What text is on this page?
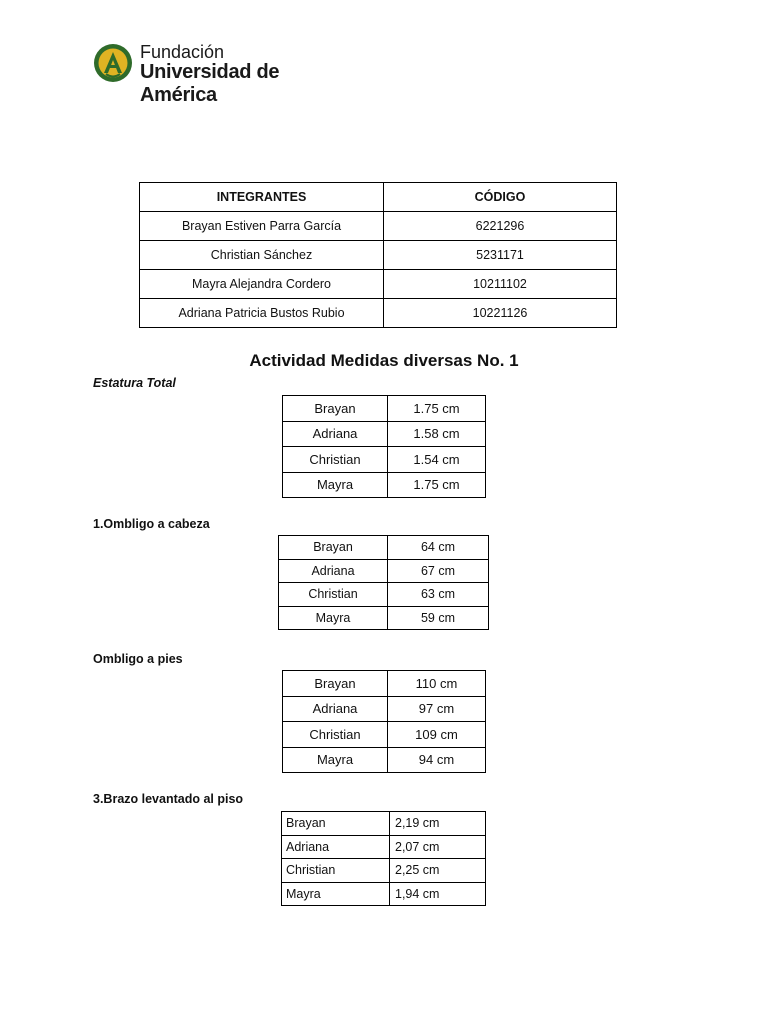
Fundación
Universidad de América
INTEGRANTES	CÓDIGO
Brayan Estiven Parra García	6221296
Christian Sánchez	5231171
Mayra Alejandra Cordero	10211102
Adriana Patricia Bustos Rubio	10221126
Actividad Medidas diversas No. 1
Estatura Total
Brayan	1.75 cm
Adriana	1.58 cm
Christian	1.54 cm
Mayra	1.75 cm
1.Ombligo a cabeza
Brayan	64 cm
Adriana	67 cm
Christian	63 cm
Mayra	59 cm
Ombligo a pies
Brayan	110 cm
Adriana	97 cm
Christian	109 cm
Mayra	94 cm
3.Brazo levantado al piso
Brayan	2,19 cm
Adriana	2,07 cm
Christian	2,25 cm
Mayra	1,94 cm
